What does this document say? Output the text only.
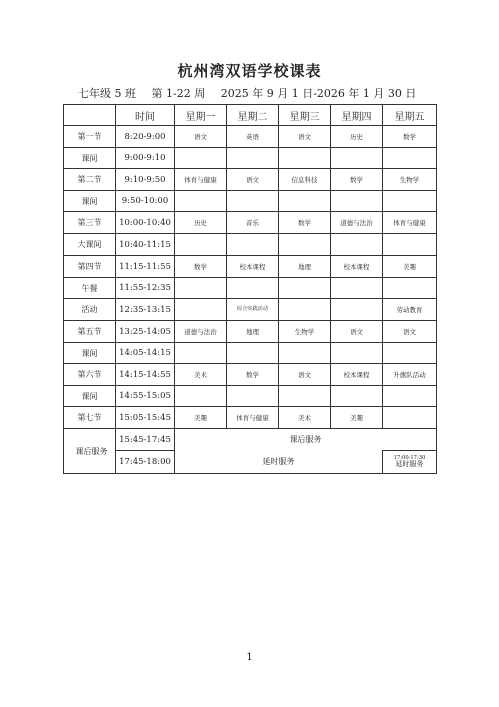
杭州湾双语学校课表
七年级 5 班 第 1-22 周 2025 年 9 月 1 日-2026 年 1 月 30 日
	时间	星期一	星期二	星期三	星期四	星期五
第一节	8:20-9:00	语文	英语	语文	历史	数学
课间	9:00-9:10					
第二节	9:10-9:50	体育与健康	语文	信息科技	数学	生物学
课间	9:50-10:00					
第三节	10:00-10:40	历史	音乐	数学	道德与法治	体育与健康
大课间	10:40-11:15					
第四节	11:15-11:55	数学	校本课程	地理	校本课程	美趣
午餐	11:55-12:35					
活动	12:35-13:15		综合实践活动			劳动教育
第五节	13:25-14:05	道德与法治	地理	生物学	语文	语文
课间	14:05-14:15					
第六节	14:15-14:55	美术	数学	语文	校本课程	升旗队活动
课间	14:55-15:05					
第七节	15:05-15:45	美趣	体育与健康	美术	美趣	
课后服务	15:45-17:45	课后服务				
	17:45-18:00	延时服务				17:00-17:30
延时服务
1
